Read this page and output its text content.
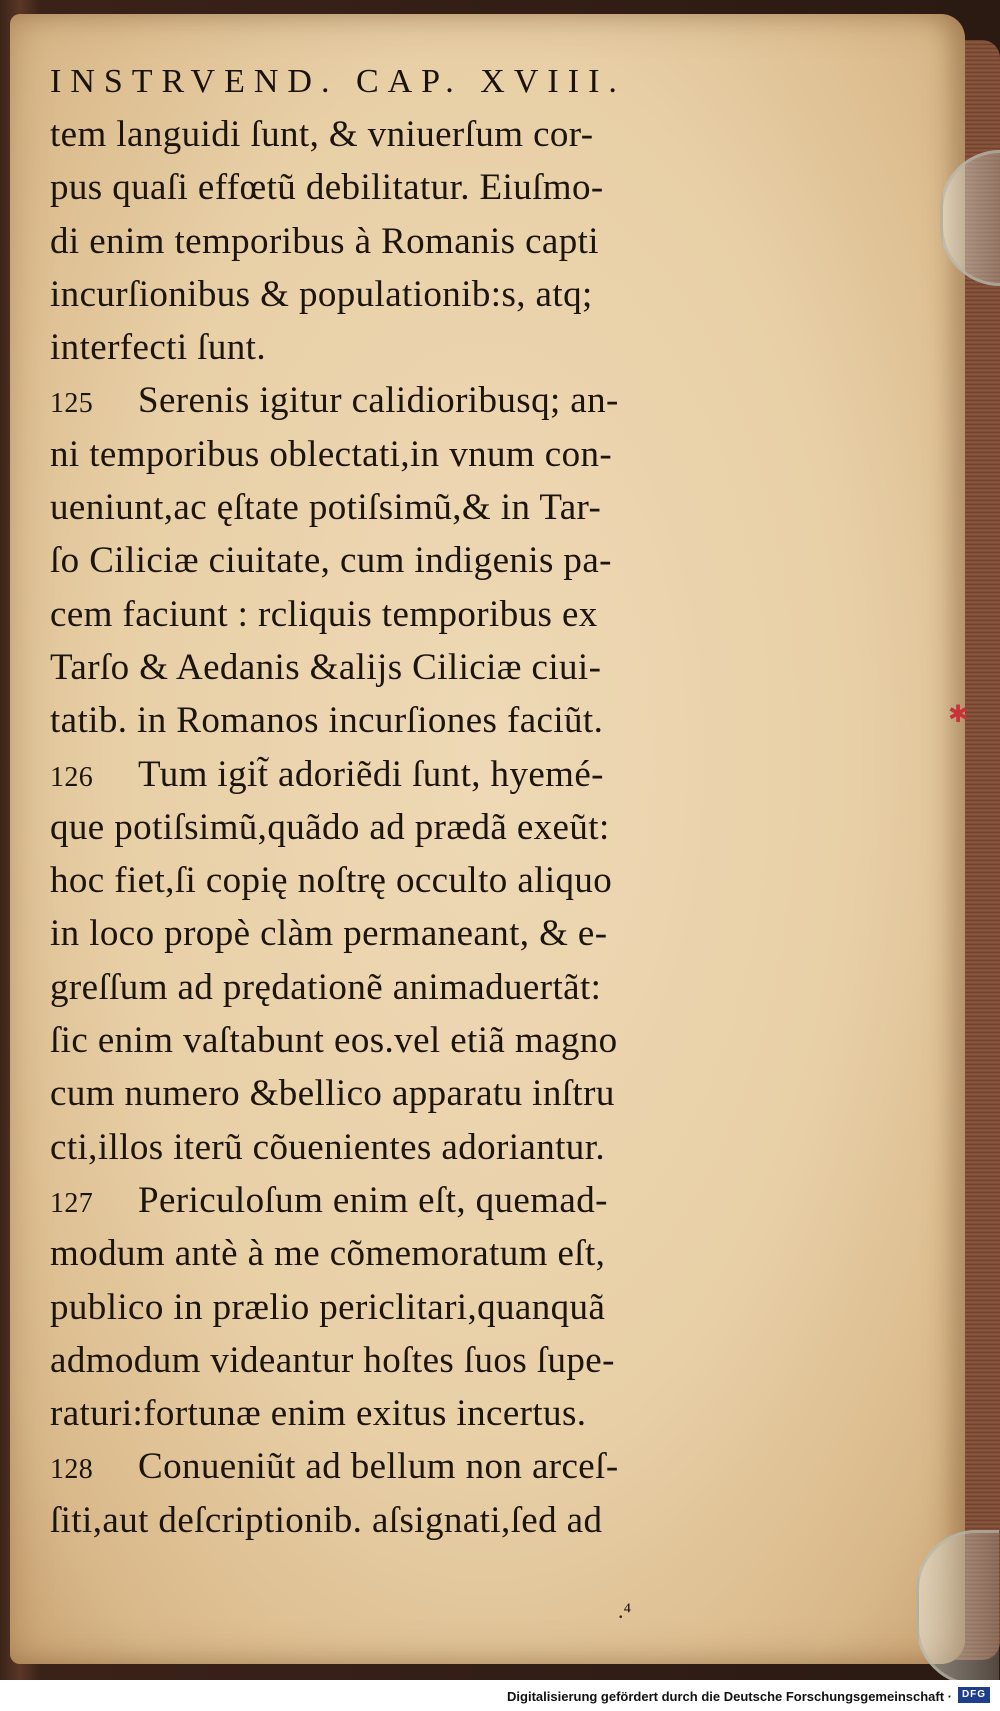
✱
INSTRVEND. CAP. XVIII.
tem languidi ſunt, & vniuerſum cor-
pus quaſi effœtũ debilitatur. Eiuſmo-
di enim temporibus à Romanis capti
incurſionibus & populationib:s, atq;
interfecti ſunt.
125 Serenis igitur calidioribusq; an-
ni temporibus oblectati,in vnum con-
ueniunt,ac ęſtate potiſsimũ,& in Tar-
ſo Ciliciæ ciuitate, cum indigenis pa-
cem faciunt : rcliquis temporibus ex
Tarſo & Aedanis &alijs Ciliciæ ciui-
tatib. in Romanos incurſiones faciũt.
126 Tum igit̃ adoriẽdi ſunt, hyemé-
que potiſsimũ,quãdo ad prædã exeũt:
hoc fiet,ſi copię noſtrę occulto aliquo
in loco propè clàm permaneant, & e-
greſſum ad prędationẽ animaduertãt:
ſic enim vaſtabunt eos.vel etiã magno
cum numero &bellico apparatu inſtru
cti,illos iterũ cõuenientes adoriantur.
127 Periculoſum enim eſt, quemad-
modum antè à me cõmemoratum eſt,
publico in prælio periclitari,quanquã
admodum videantur hoſtes ſuos ſupe-
raturi:fortunæ enim exitus incertus.
128 Conueniũt ad bellum non arceſ-
ſiti,aut deſcriptionib. aſsignati,ſed ad
.⁴
Digitalisierung gefördert durch die Deutsche Forschungsgemeinschaft · DFG
